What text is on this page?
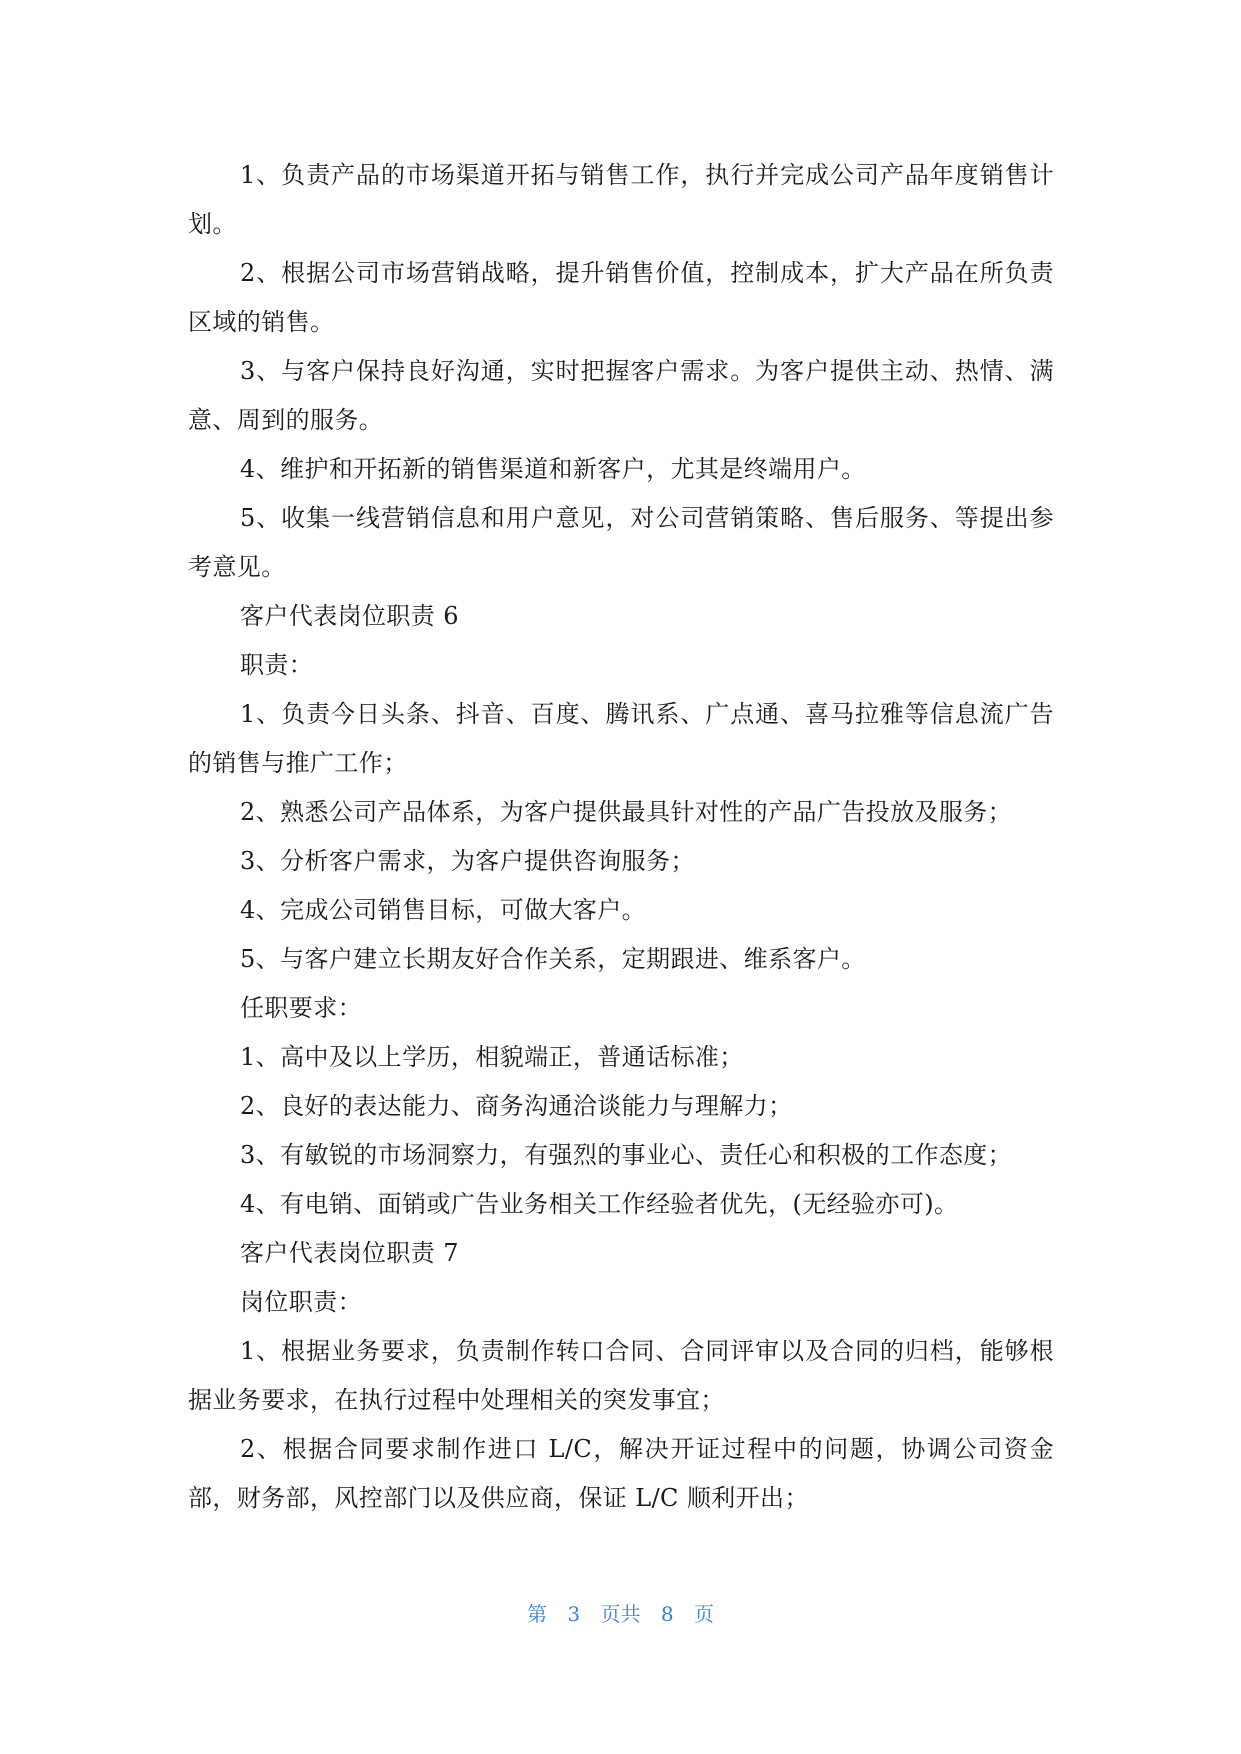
1、负责产品的市场渠道开拓与销售工作，执行并完成公司产品年度销售计划。

2、根据公司市场营销战略，提升销售价值，控制成本，扩大产品在所负责区域的销售。

3、与客户保持良好沟通，实时把握客户需求。为客户提供主动、热情、满意、周到的服务。

4、维护和开拓新的销售渠道和新客户，尤其是终端用户。

5、收集一线营销信息和用户意见，对公司营销策略、售后服务、等提出参考意见。

客户代表岗位职责 6

职责：

1、负责今日头条、抖音、百度、腾讯系、广点通、喜马拉雅等信息流广告的销售与推广工作；

2、熟悉公司产品体系，为客户提供最具针对性的产品广告投放及服务；

3、分析客户需求，为客户提供咨询服务；

4、完成公司销售目标，可做大客户。

5、与客户建立长期友好合作关系，定期跟进、维系客户。

任职要求：

1、高中及以上学历，相貌端正，普通话标准；

2、良好的表达能力、商务沟通洽谈能力与理解力；

3、有敏锐的市场洞察力，有强烈的事业心、责任心和积极的工作态度；

4、有电销、面销或广告业务相关工作经验者优先，(无经验亦可)。

客户代表岗位职责 7

岗位职责：

1、根据业务要求，负责制作转口合同、合同评审以及合同的归档，能够根据业务要求，在执行过程中处理相关的突发事宜；

2、根据合同要求制作进口 L/C，解决开证过程中的问题，协调公司资金部，财务部，风控部门以及供应商，保证 L/C 顺利开出；

第 3 页共 8 页
